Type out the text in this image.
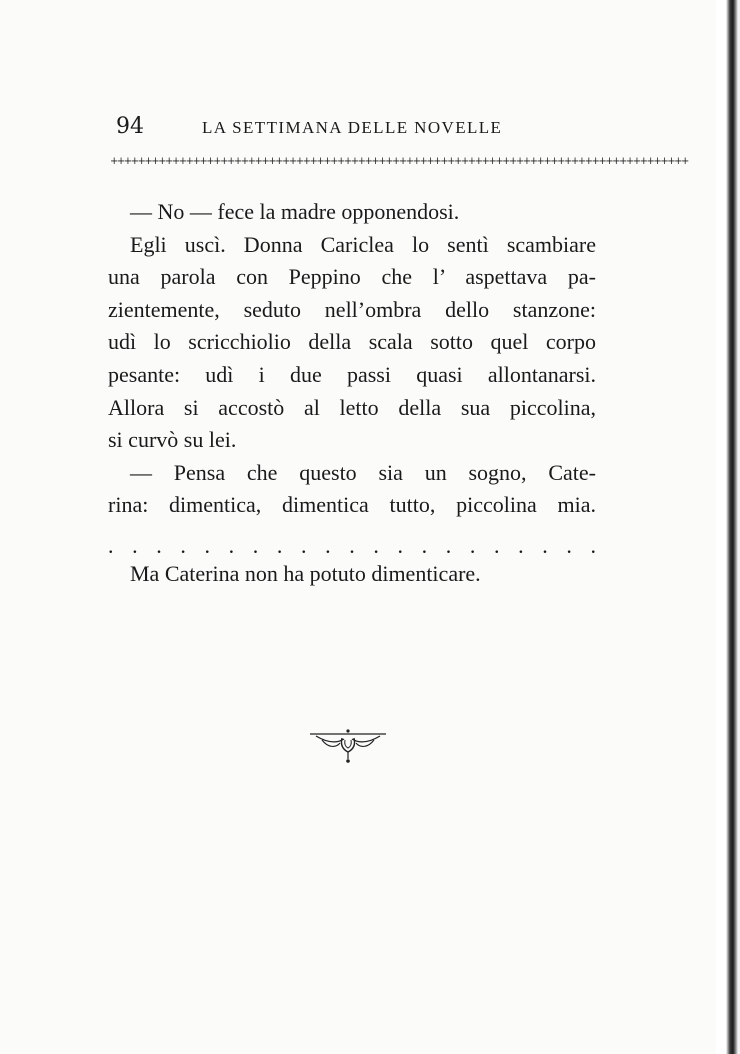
94	LA SETTIMANA DELLE NOVELLE
++++++++++++++++++++++++++++++++++++++++++++++++++++++++++++++++++++++++++++++++++++
— No — fece la madre opponendosi.
Egli uscì. Donna Cariclea lo sentì scambiare
una parola con Peppino che l’ aspettava pa-
zientemente, seduto nell’ombra dello stanzone:
udì lo scricchiolio della scala sotto quel corpo
pesante: udì i due passi quasi allontanarsi.
Allora si accostò al letto della sua piccolina,
si curvò su lei.
— Pensa che questo sia un sogno, Cate-
rina: dimentica, dimentica tutto, piccolina mia.
. . . . . . . . . . . . . . . . . . . . .
Ma Caterina non ha potuto dimenticare.
